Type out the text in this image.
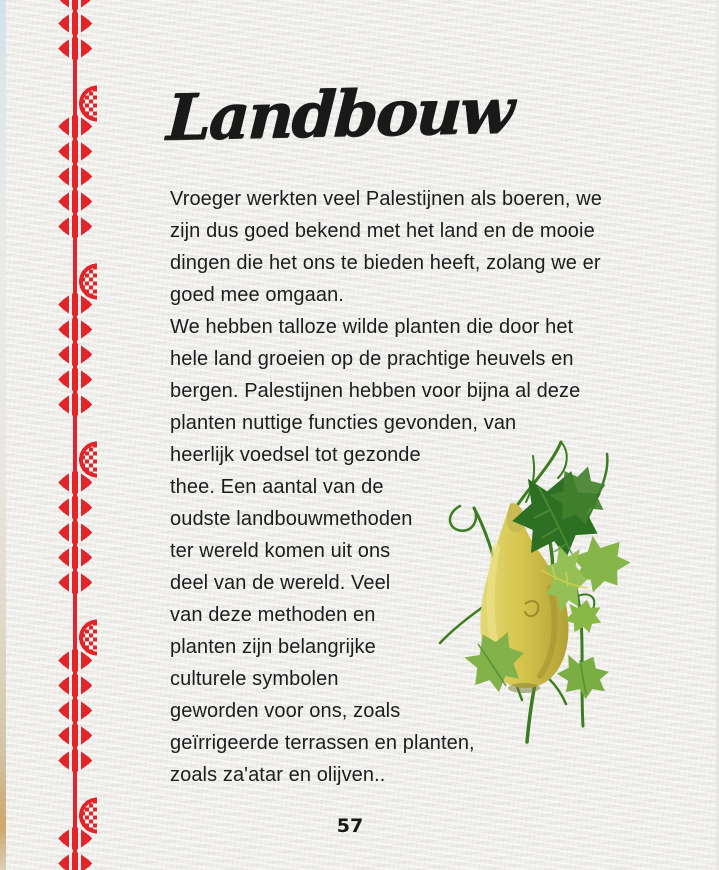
Landbouw
Vroeger werkten veel Palestijnen als boeren, we
zijn dus goed bekend met het land en de mooie
dingen die het ons te bieden heeft, zolang we er
goed mee omgaan.
We hebben talloze wilde planten die door het
hele land groeien op de prachtige heuvels en
bergen. Palestijnen hebben voor bijna al deze
planten nuttige functies gevonden, van
heerlijk voedsel tot gezonde
thee. Een aantal van de
oudste landbouwmethoden
ter wereld komen uit ons
deel van de wereld. Veel
van deze methoden en
planten zijn belangrijke
culturele symbolen
geworden voor ons, zoals
geïrrigeerde terrassen en planten,
zoals za'atar en olijven..
57
